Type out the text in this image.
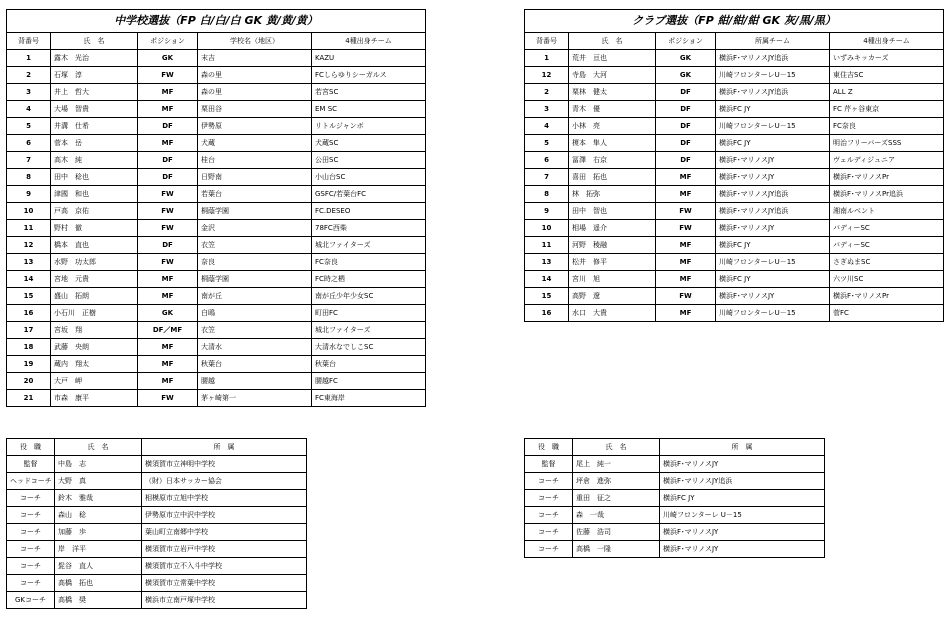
中学校選抜（FP 白/白/白 GK 黄/黄/黄）				
背番号	氏　名	ポジション	学校名（地区）	4種出身チーム
1	露木　光治	GK	末吉	KAZU
2	石塚　淳	FW	森の里	FCしらゆりシーガルス
3	井上　哲大	MF	森の里	若宮SC
4	大場　智貴	MF	栗田谷	EM SC
5	井溝　仕希	DF	伊勢原	リトルジャンボ
6	菅本　岳	MF	犬蔵	犬蔵SC
7	高木　純	DF	桂台	公田SC
8	田中　稔也	DF	日野南	小山台SC
9	津國　和也	FW	若葉台	GSFC/若葉台FC
10	戸高　京佑	FW	桐蔭学園	FC.DESEO
11	野村　徹	FW	金沢	78FC西柴
12	橋本　直也	DF	衣笠	城北ファイターズ
13	水野　功太郎	FW	奈良	FC奈良
14	宮地　元貴	MF	桐蔭学園	FC時之栖
15	盛山　拓朗	MF	南が丘	南が丘少年少女SC
16	小石川　正樹	GK	白鴎	町田FC
17	宮坂　翔	DF／MF	衣笠	城北ファイターズ
18	武藤　央朗	MF	大清水	大清水なでしこSC
19	蔵内　翔太	MF	秋葉台	秋葉台
20	大戸　岬	MF	腰越	腰越FC
21	市森　康平	FW	茅ヶ崎第一	FC東海岸
クラブ選抜（FP 紺/紺/紺 GK 灰/黒/黒）				
背番号	氏　名	ポジション	所属チーム	4種出身チーム
1	荒井　亘也	GK	横浜F･マリノスJY追浜	いずみキッカーズ
12	寺島　大河	GK	川崎フロンターレU－15	東住吉SC
2	栗林　健太	DF	横浜F･マリノスJY追浜	ALL Z
3	青木　優	DF	横浜FC JY	FC 芹ヶ谷東京
4	小林　亮	DF	川崎フロンターレU－15	FC奈良
5	榎本　隼人	DF	横浜FC JY	明治フリーバーズSSS
6	冨澤　右京	DF	横浜F･マリノスJY	ヴェルディジュニア
7	喜田　拓也	MF	横浜F･マリノスJY	横浜F･マリノスPr
8	林　拓弥	MF	横浜F･マリノスJY追浜	横浜F･マリノスPr追浜
9	田中　智也	FW	横浜F･マリノスJY追浜	湘南ルベント
10	相場　遥介	FW	横浜F･マリノスJY	バディーSC
11	河野　稜融	MF	横浜FC JY	バディーSC
13	松井　修平	MF	川崎フロンターレU－15	さぎぬまSC
14	宮川　旭	MF	横浜FC JY	六ツ川SC
15	高野　遼	FW	横浜F･マリノスJY	横浜F･マリノスPr
16	水口　大貴	MF	川崎フロンターレU－15	菅FC
役　職	氏　名	所　属
監督	中島　志	横須賀市立神明中学校
ヘッドコーチ	大野　真	（財）日本サッカー協会
コーチ	鈴木　雅哉	相模原市立旭中学校
コーチ	森山　稔	伊勢原市立中沢中学校
コーチ	加藤　歩	葉山町立南郷中学校
コーチ	岸　洋平	横須賀市立岩戸中学校
コーチ	髭谷　直人	横須賀市立不入斗中学校
コーチ	高橋　拓也	横須賀市立常葉中学校
GKコーチ	高橋　奨	横浜市立南戸塚中学校
役　職	氏　名	所　属
監督	尾上　純一	横浜F･マリノスJY
コーチ	坪倉　進弥	横浜F･マリノスJY追浜
コーチ	重田　征之	横浜FC JY
コーチ	森　一哉	川崎フロンターレ U－15
コーチ	佐藤　浩司	横浜F･マリノスJY
コーチ	高橋　一隆	横浜F･マリノスJY
